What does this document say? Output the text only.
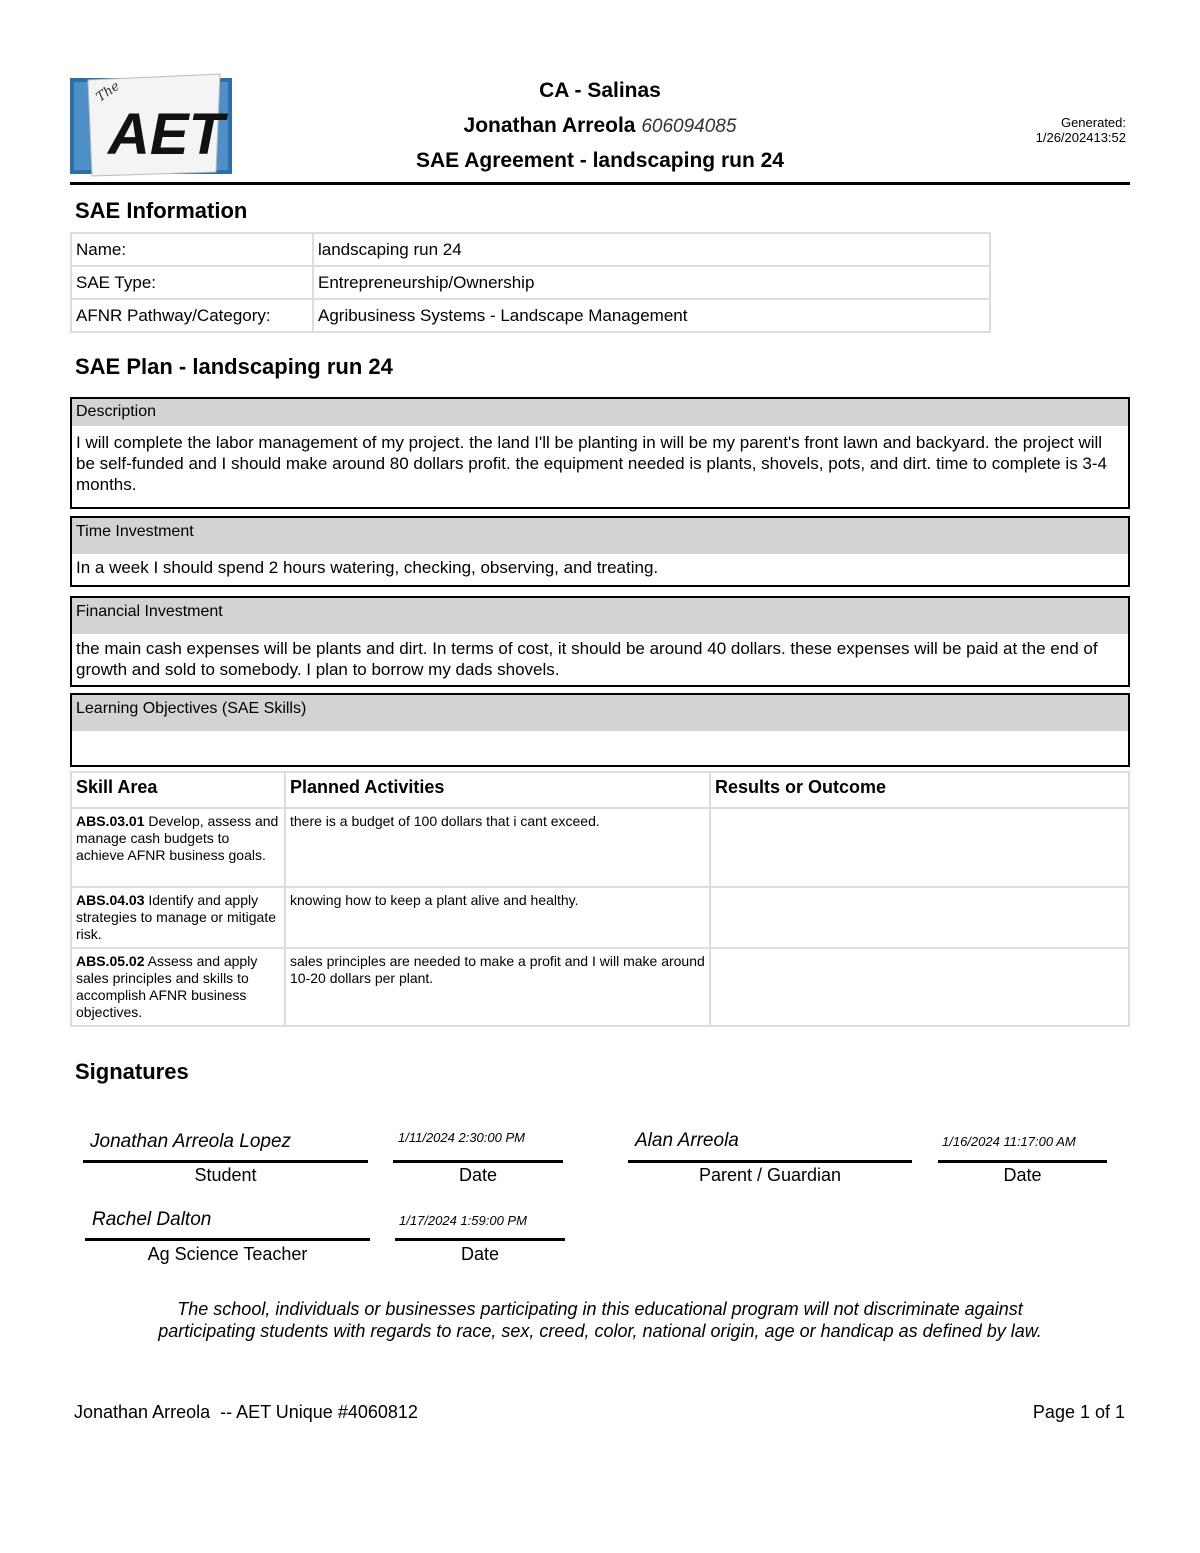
The
AET
CA - Salinas
Jonathan Arreola 606094085
SAE Agreement - landscaping run 24
Generated:
1/26/202413:52
SAE Information
Name:	landscaping run 24
SAE Type:	Entrepreneurship/Ownership
AFNR Pathway/Category:	Agribusiness Systems - Landscape Management
SAE Plan - landscaping run 24
Description
I will complete the labor management of my project. the land I'll be planting in will be my parent's front lawn and backyard. the project will be self-funded and I should make around 80 dollars profit. the equipment needed is plants, shovels, pots, and dirt. time to complete is 3-4 months.
Time Investment
In a week I should spend 2 hours watering, checking, observing, and treating.
Financial Investment
the main cash expenses will be plants and dirt. In terms of cost, it should be around 40 dollars. these expenses will be paid at the end of growth and sold to somebody. I plan to borrow my dads shovels.
Learning Objectives (SAE Skills)
Skill Area	Planned Activities	Results or Outcome
ABS.03.01 Develop, assess and manage cash budgets to achieve AFNR business goals.	there is a budget of 100 dollars that i cant exceed.	
ABS.04.03 Identify and apply strategies to manage or mitigate risk.	knowing how to keep a plant alive and healthy.	
ABS.05.02 Assess and apply sales principles and skills to accomplish AFNR business objectives.	sales principles are needed to make a profit and I will make around 10-20 dollars per plant.	
Signatures
Jonathan Arreola Lopez
Student
1/11/2024 2:30:00 PM
Date
Alan Arreola
Parent / Guardian
1/16/2024 11:17:00 AM
Date
Rachel Dalton
Ag Science Teacher
1/17/2024 1:59:00 PM
Date
The school, individuals or businesses participating in this educational program will not discriminate against
participating students with regards to race, sex, creed, color, national origin, age or handicap as defined by law.
Jonathan Arreola  -- AET Unique #4060812	Page 1 of 1
